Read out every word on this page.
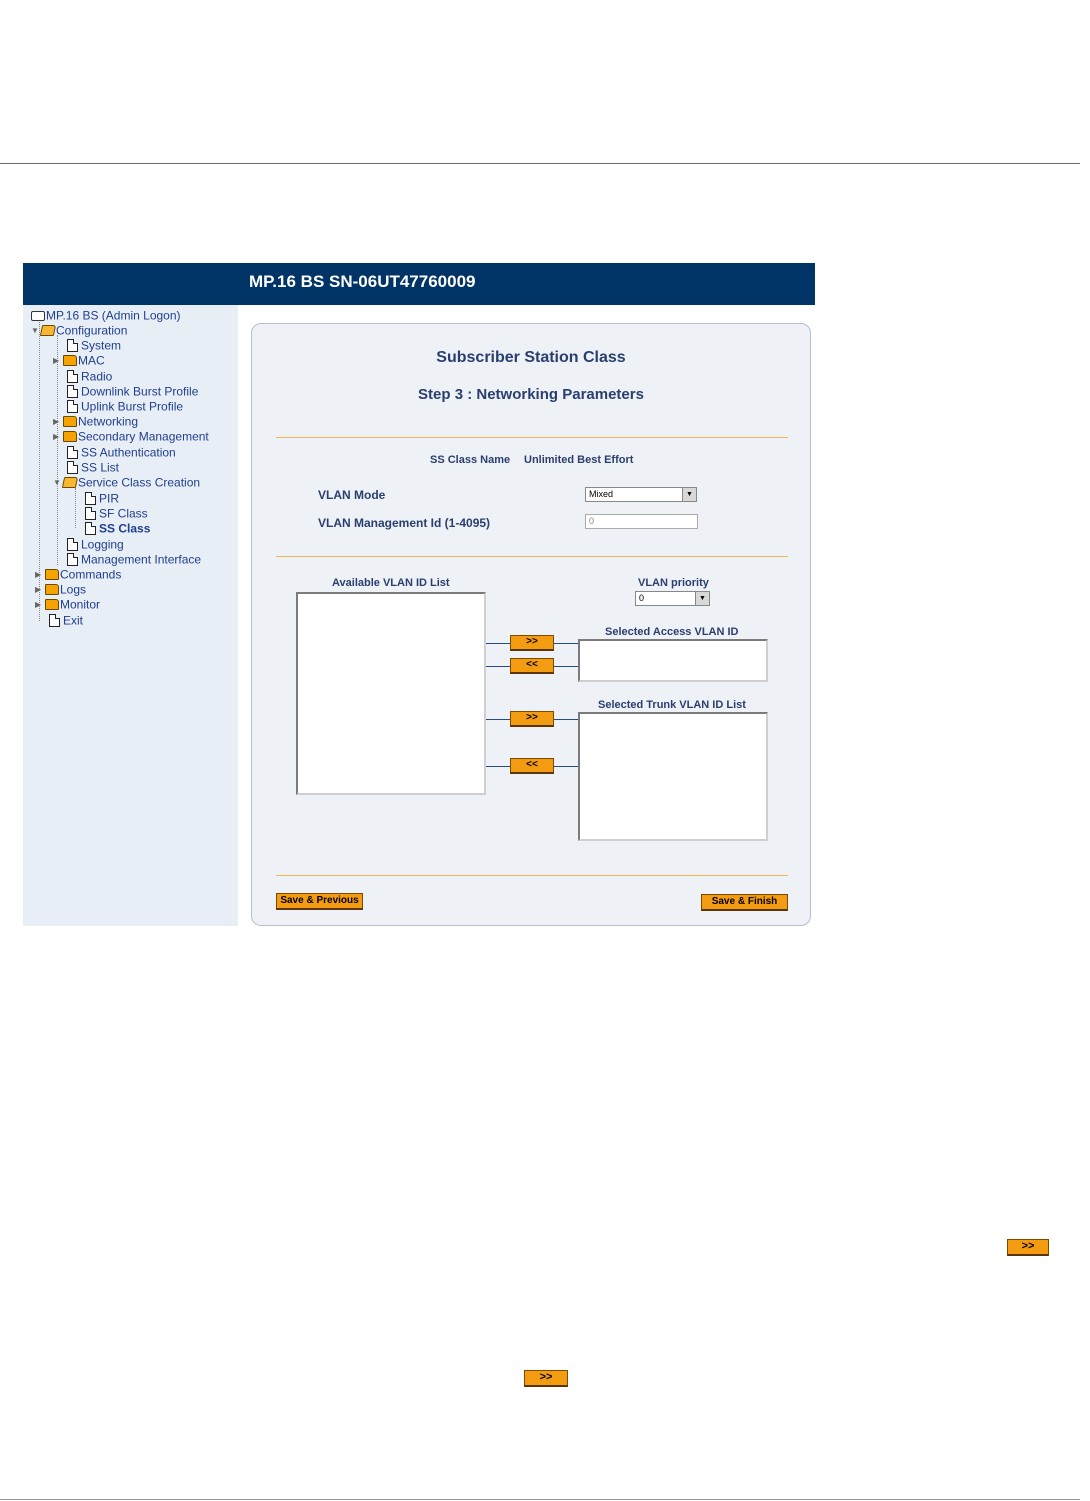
MP.16 BS SN-06UT47760009
MP.16 BS (Admin Logon)
▼ Configuration
System
▶ MAC
Radio
Downlink Burst Profile
Uplink Burst Profile
▶ Networking
▶ Secondary Management
SS Authentication
SS List
▼ Service Class Creation
PIR
SF Class
SS Class
Logging
Management Interface
▶ Commands
▶ Logs
▶ Monitor
Exit
Subscriber Station Class
Step 3 : Networking Parameters
SS Class Name Unlimited Best Effort
VLAN Mode	Mixed	▼
VLAN Management Id (1-4095)	0
Available VLAN ID List	VLAN priority
0	▼
Selected Access VLAN ID
Selected Trunk VLAN ID List
>>
<<
>>
<<
Save & Previous	Save & Finish
>>
>>
